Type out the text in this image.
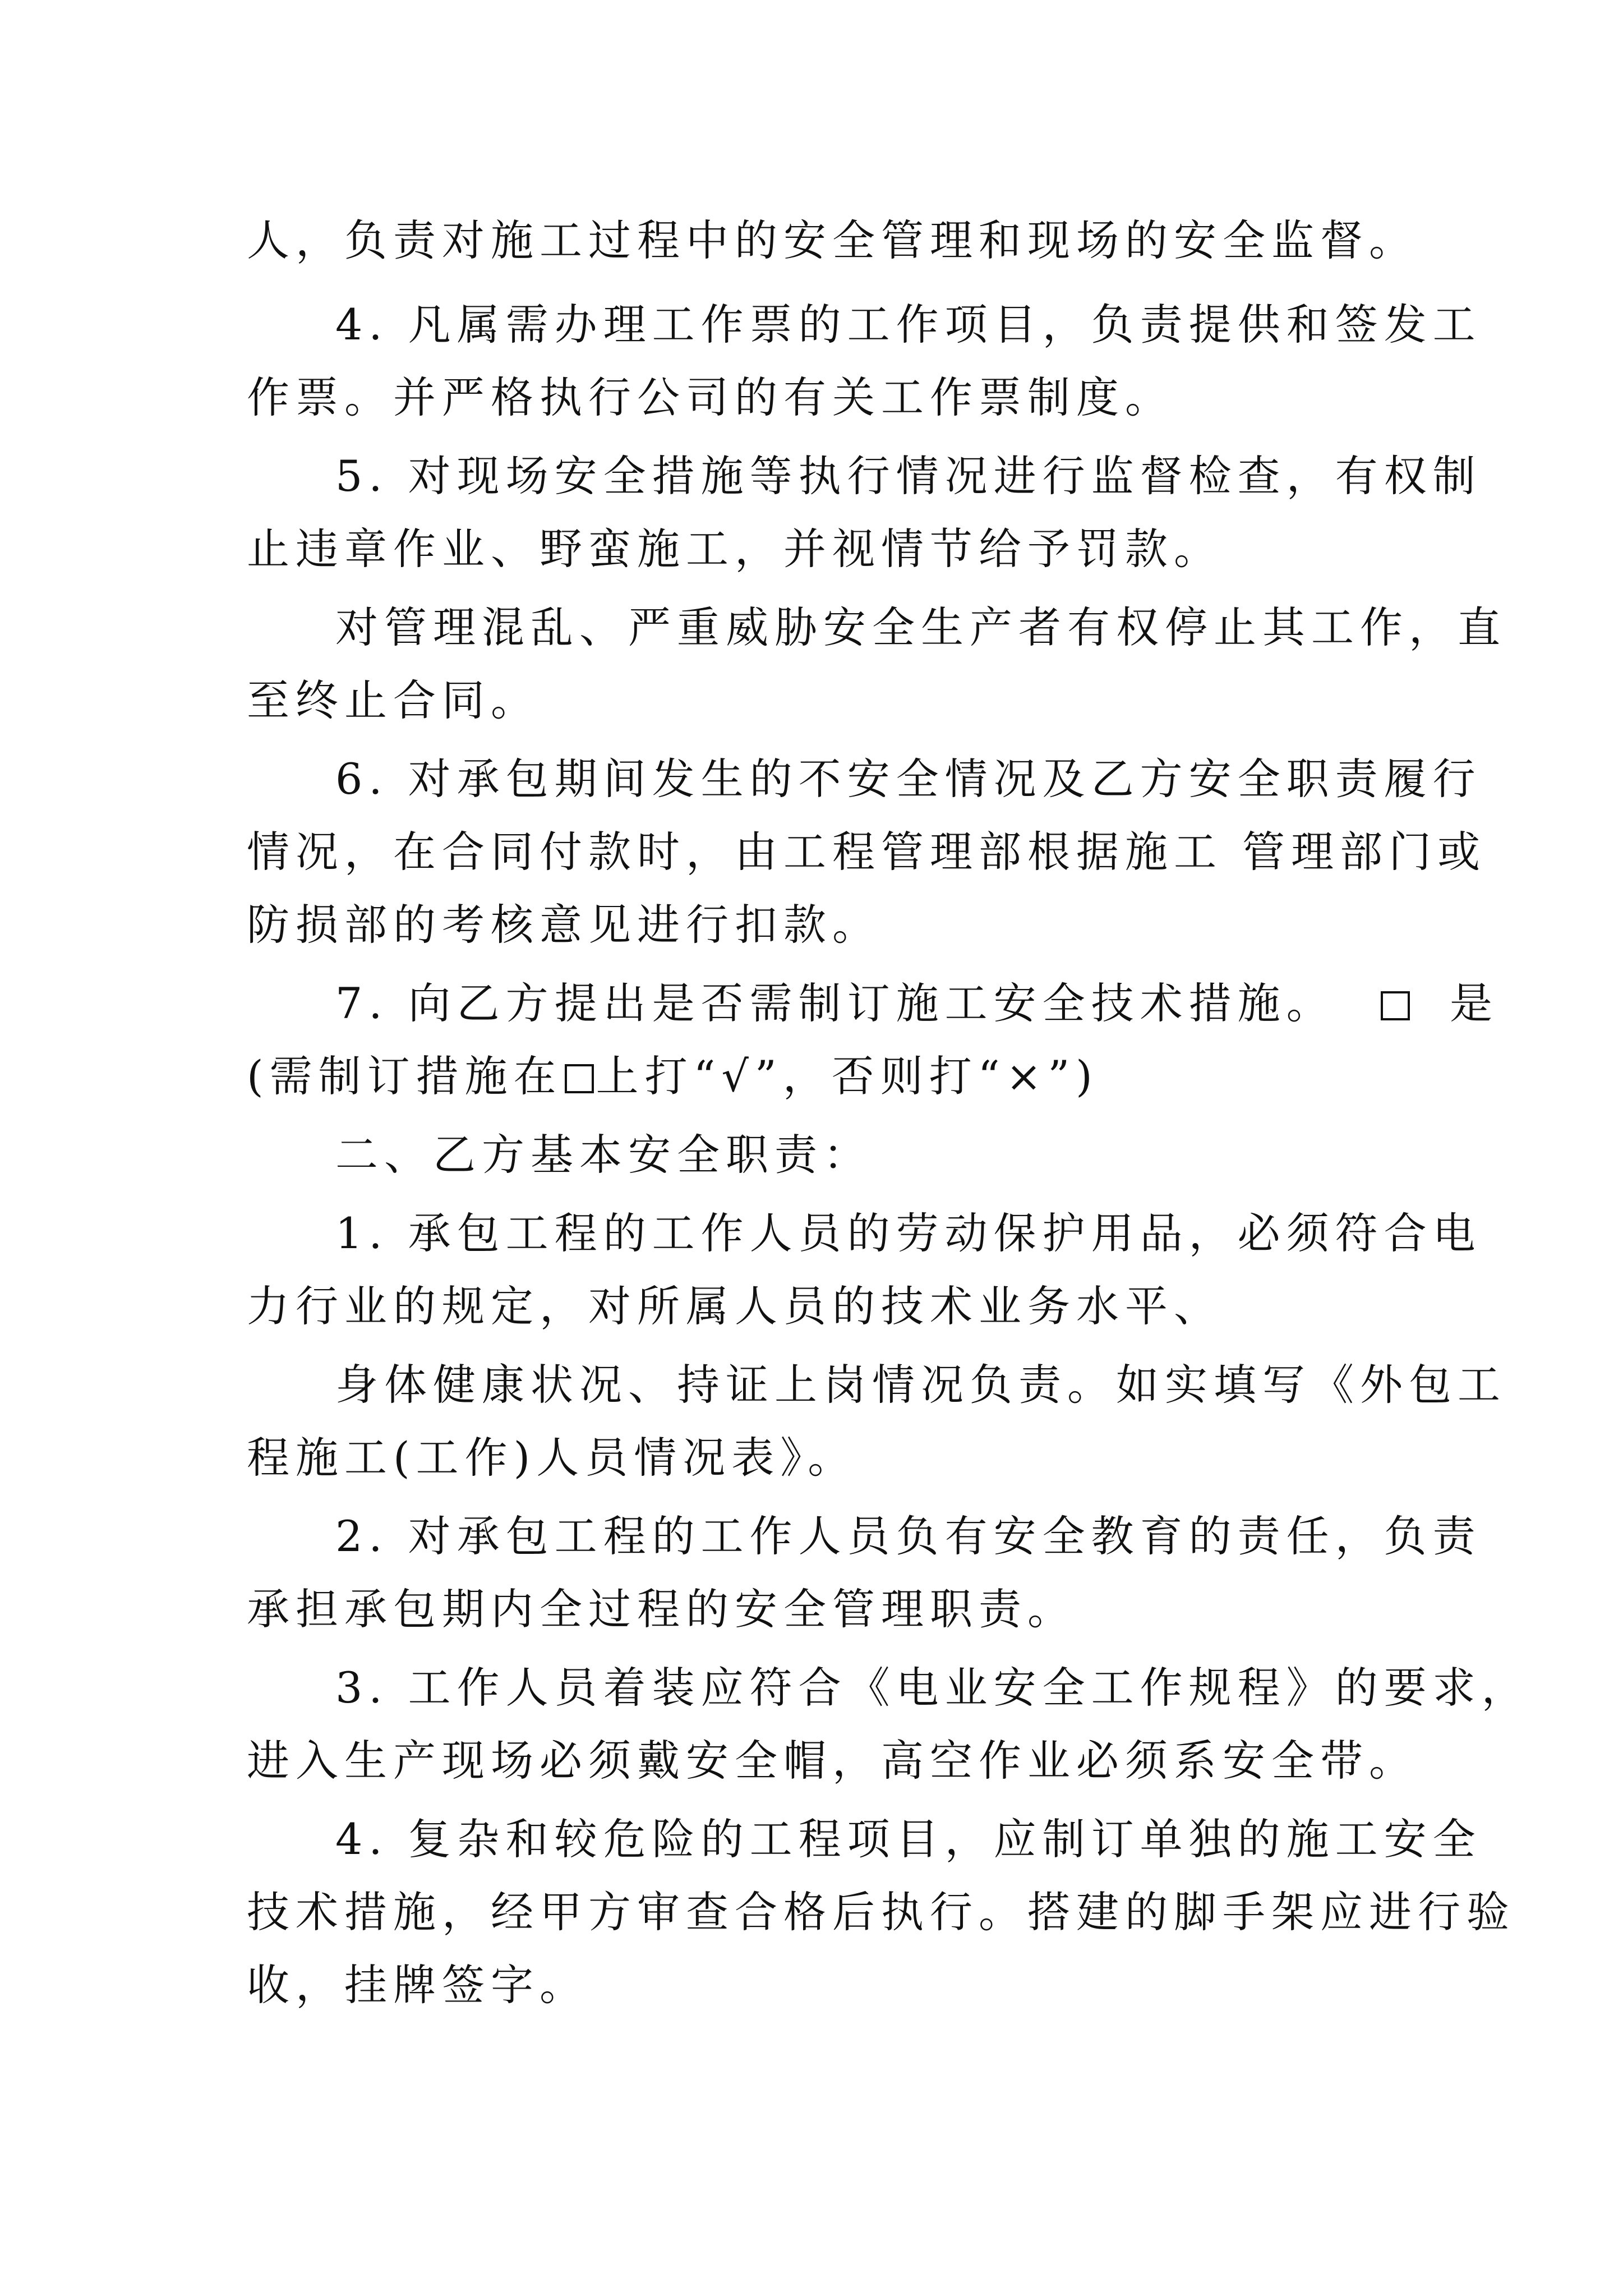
人，负责对施工过程中的安全管理和现场的安全监督。
4. 凡属需办理工作票的工作项目，负责提供和签发工
作票。并严格执行公司的有关工作票制度。
5. 对现场安全措施等执行情况进行监督检查，有权制
止违章作业、野蛮施工，并视情节给予罚款。
对管理混乱、严重威胁安全生产者有权停止其工作，直
至终止合同。
6. 对承包期间发生的不安全情况及乙方安全职责履行
情况，在合同付款时，由工程管理部根据施工 管理部门或
防损部的考核意见进行扣款。
7. 向乙方提出是否需制订施工安全技术措施。	是
(需制订措施在 上打“√”，否则打“×”)
二、乙方基本安全职责：
1. 承包工程的工作人员的劳动保护用品，必须符合电
力行业的规定，对所属人员的技术业务水平、
身体健康状况、持证上岗情况负责。如实填写《外包工
程施工(工作)人员情况表》。
2. 对承包工程的工作人员负有安全教育的责任，负责
承担承包期内全过程的安全管理职责。
3. 工作人员着装应符合《电业安全工作规程》的要求，
进入生产现场必须戴安全帽，高空作业必须系安全带。
4. 复杂和较危险的工程项目，应制订单独的施工安全
技术措施，经甲方审查合格后执行。搭建的脚手架应进行验
收，挂牌签字。
